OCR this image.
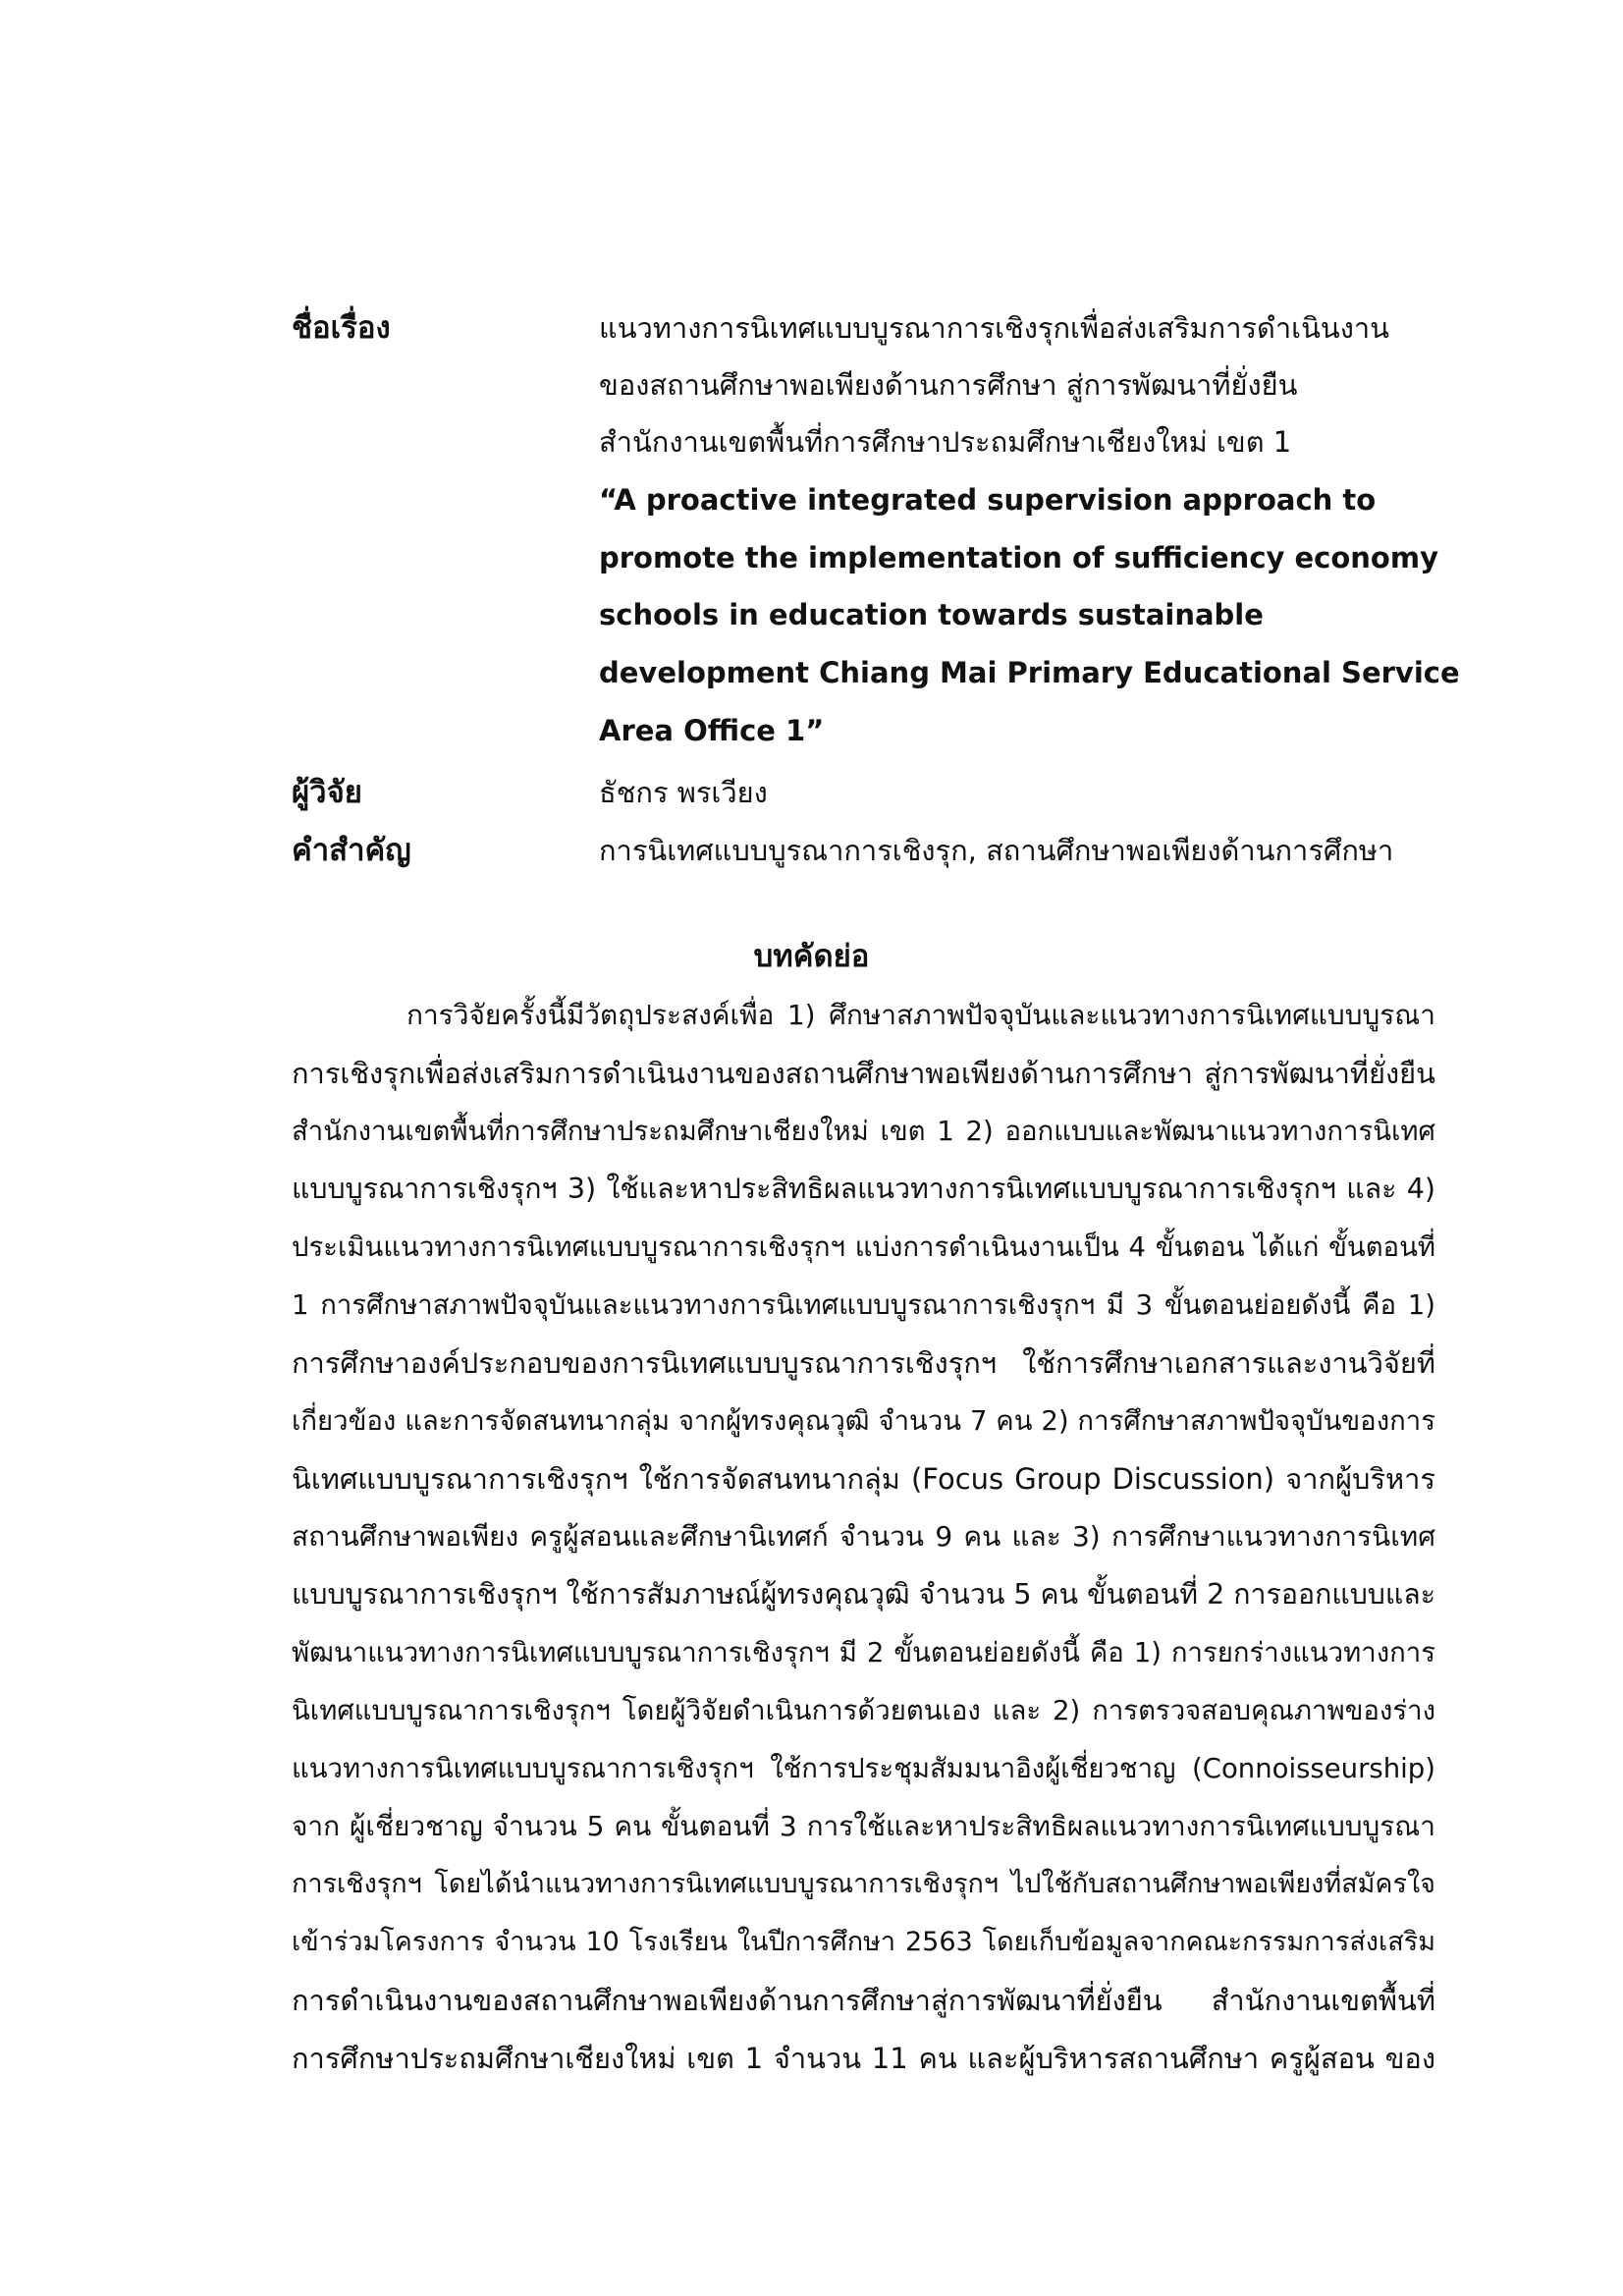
ชื่อเรื่อง	แนวทางการนิเทศแบบบูรณาการเชิงรุกเพื่อส่งเสริมการดำเนินงาน
ของสถานศึกษาพอเพียงด้านการศึกษา สู่การพัฒนาที่ยั่งยืน
สำนักงานเขตพื้นที่การศึกษาประถมศึกษาเชียงใหม่ เขต 1
“A proactive integrated supervision approach to
promote the implementation of sufficiency economy
schools in education towards sustainable
development Chiang Mai Primary Educational Service
Area Office 1”
ผู้วิจัย	ธัชกร พรเวียง
คำสำคัญ	การนิเทศแบบบูรณาการเชิงรุก, สถานศึกษาพอเพียงด้านการศึกษา
บทคัดย่อ
การวิจัยครั้งนี้มีวัตถุประสงค์เพื่อ 1) ศึกษาสภาพปัจจุบันและแนวทางการนิเทศแบบบูรณา
การเชิงรุกเพื่อส่งเสริมการดำเนินงานของสถานศึกษาพอเพียงด้านการศึกษา สู่การพัฒนาที่ยั่งยืน
สำนักงานเขตพื้นที่การศึกษาประถมศึกษาเชียงใหม่ เขต 1 2) ออกแบบและพัฒนาแนวทางการนิเทศ
แบบบูรณาการเชิงรุกฯ 3) ใช้และหาประสิทธิผลแนวทางการนิเทศแบบบูรณาการเชิงรุกฯ และ 4)
ประเมินแนวทางการนิเทศแบบบูรณาการเชิงรุกฯ แบ่งการดำเนินงานเป็น 4 ขั้นตอน ได้แก่ ขั้นตอนที่
1 การศึกษาสภาพปัจจุบันและแนวทางการนิเทศแบบบูรณาการเชิงรุกฯ มี 3 ขั้นตอนย่อยดังนี้ คือ 1)
การศึกษาองค์ประกอบของการนิเทศแบบบูรณาการเชิงรุกฯ ใช้การศึกษาเอกสารและงานวิจัยที่
เกี่ยวข้อง และการจัดสนทนากลุ่ม จากผู้ทรงคุณวุฒิ จำนวน 7 คน 2) การศึกษาสภาพปัจจุบันของการ
นิเทศแบบบูรณาการเชิงรุกฯ ใช้การจัดสนทนากลุ่ม (Focus Group Discussion) จากผู้บริหาร
สถานศึกษาพอเพียง ครูผู้สอนและศึกษานิเทศก์ จำนวน 9 คน และ 3) การศึกษาแนวทางการนิเทศ
แบบบูรณาการเชิงรุกฯ ใช้การสัมภาษณ์ผู้ทรงคุณวุฒิ จำนวน 5 คน ขั้นตอนที่ 2 การออกแบบและ
พัฒนาแนวทางการนิเทศแบบบูรณาการเชิงรุกฯ มี 2 ขั้นตอนย่อยดังนี้ คือ 1) การยกร่างแนวทางการ
นิเทศแบบบูรณาการเชิงรุกฯ โดยผู้วิจัยดำเนินการด้วยตนเอง และ 2) การตรวจสอบคุณภาพของร่าง
แนวทางการนิเทศแบบบูรณาการเชิงรุกฯ ใช้การประชุมสัมมนาอิงผู้เชี่ยวชาญ (Connoisseurship)
จาก ผู้เชี่ยวชาญ จำนวน 5 คน ขั้นตอนที่ 3 การใช้และหาประสิทธิผลแนวทางการนิเทศแบบบูรณา
การเชิงรุกฯ โดยได้นำแนวทางการนิเทศแบบบูรณาการเชิงรุกฯ ไปใช้กับสถานศึกษาพอเพียงที่สมัครใจ
เข้าร่วมโครงการ จำนวน 10 โรงเรียน ในปีการศึกษา 2563 โดยเก็บข้อมูลจากคณะกรรมการส่งเสริม
การดำเนินงานของสถานศึกษาพอเพียงด้านการศึกษาสู่การพัฒนาที่ยั่งยืน สำนักงานเขตพื้นที่
การศึกษาประถมศึกษาเชียงใหม่ เขต 1 จำนวน 11 คน และผู้บริหารสถานศึกษา ครูผู้สอน ของ
